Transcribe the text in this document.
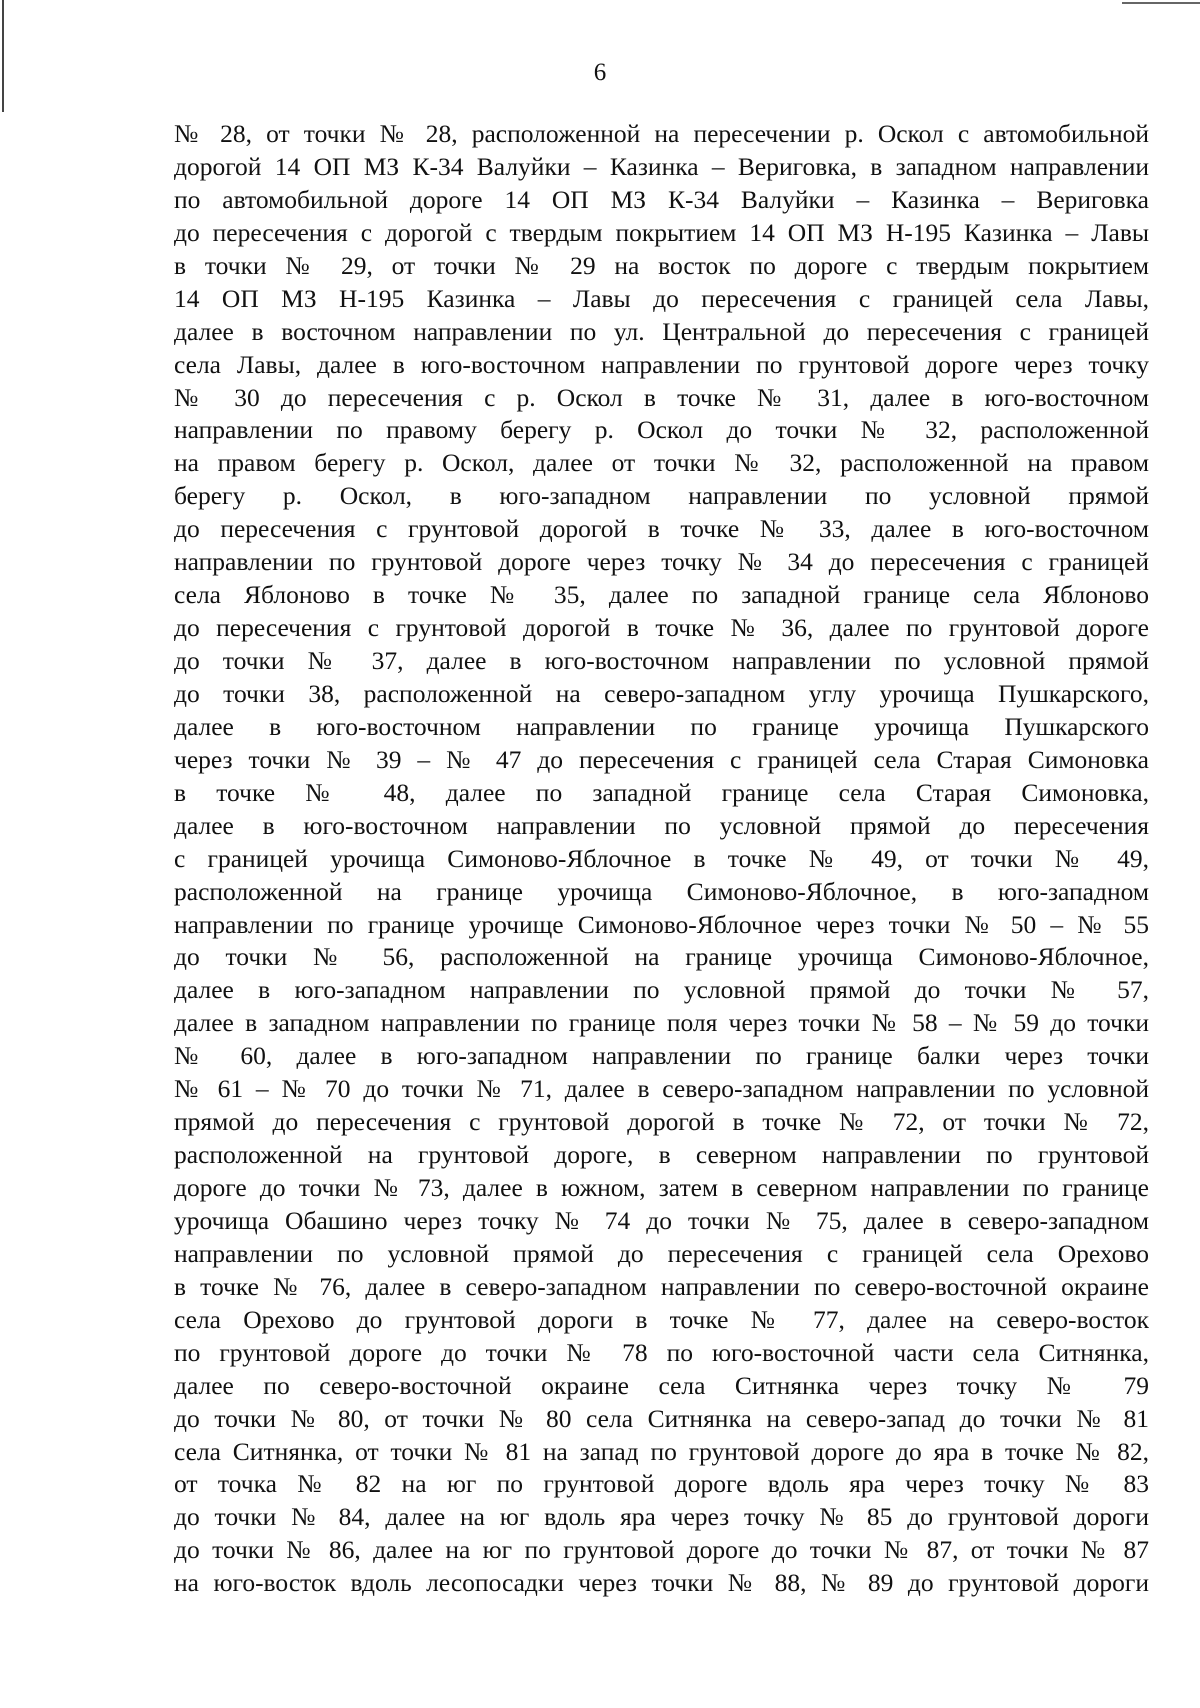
6
№ 28, от точки № 28, расположенной на пересечении р. Оскол с автомобильной
дорогой 14 ОП МЗ К-34 Валуйки – Казинка – Вериговка, в западном направлении
по автомобильной дороге 14 ОП МЗ К-34 Валуйки – Казинка – Вериговка
до пересечения с дорогой с твердым покрытием 14 ОП МЗ Н-195 Казинка – Лавы
в точки № 29, от точки № 29 на восток по дороге с твердым покрытием
14 ОП МЗ Н-195 Казинка – Лавы до пересечения с границей села Лавы,
далее в восточном направлении по ул. Центральной до пересечения с границей
села Лавы, далее в юго-восточном направлении по грунтовой дороге через точку
№ 30 до пересечения с р. Оскол в точке № 31, далее в юго-восточном
направлении по правому берегу р. Оскол до точки № 32, расположенной
на правом берегу р. Оскол, далее от точки № 32, расположенной на правом
берегу р. Оскол, в юго-западном направлении по условной прямой
до пересечения с грунтовой дорогой в точке № 33, далее в юго-восточном
направлении по грунтовой дороге через точку № 34 до пересечения с границей
села Яблоново в точке № 35, далее по западной границе села Яблоново
до пересечения с грунтовой дорогой в точке № 36, далее по грунтовой дороге
до точки № 37, далее в юго-восточном направлении по условной прямой
до точки 38, расположенной на северо-западном углу урочища Пушкарского,
далее в юго-восточном направлении по границе урочища Пушкарского
через точки № 39 – № 47 до пересечения с границей села Старая Симоновка
в точке № 48, далее по западной границе села Старая Симоновка,
далее в юго-восточном направлении по условной прямой до пересечения
с границей урочища Симоново-Яблочное в точке № 49, от точки № 49,
расположенной на границе урочища Симоново-Яблочное, в юго-западном
направлении по границе урочище Симоново-Яблочное через точки № 50 – № 55
до точки № 56, расположенной на границе урочища Симоново-Яблочное,
далее в юго-западном направлении по условной прямой до точки № 57,
далее в западном направлении по границе поля через точки № 58 – № 59 до точки
№ 60, далее в юго-западном направлении по границе балки через точки
№ 61 – № 70 до точки № 71, далее в северо-западном направлении по условной
прямой до пересечения с грунтовой дорогой в точке № 72, от точки № 72,
расположенной на грунтовой дороге, в северном направлении по грунтовой
дороге до точки № 73, далее в южном, затем в северном направлении по границе
урочища Обашино через точку № 74 до точки № 75, далее в северо-западном
направлении по условной прямой до пересечения с границей села Орехово
в точке № 76, далее в северо-западном направлении по северо-восточной окраине
села Орехово до грунтовой дороги в точке № 77, далее на северо-восток
по грунтовой дороге до точки № 78 по юго-восточной части села Ситнянка,
далее по северо-восточной окраине села Ситнянка через точку № 79
до точки № 80, от точки № 80 села Ситнянка на северо-запад до точки № 81
села Ситнянка, от точки № 81 на запад по грунтовой дороге до яра в точке № 82,
от точка № 82 на юг по грунтовой дороге вдоль яра через точку № 83
до точки № 84, далее на юг вдоль яра через точку № 85 до грунтовой дороги
до точки № 86, далее на юг по грунтовой дороге до точки № 87, от точки № 87
на юго-восток вдоль лесопосадки через точки № 88, № 89 до грунтовой дороги
